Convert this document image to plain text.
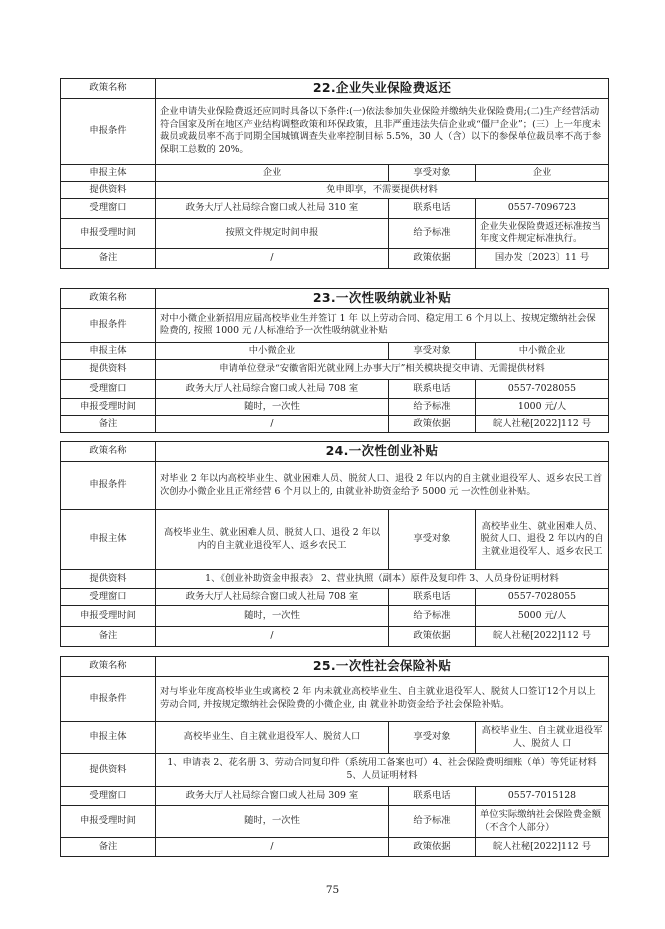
政策名称	22.企业失业保险费返还		
申报条件	企业申请失业保险费返还应同时具备以下条件:(一)依法参加失业保险并缴纳失业保险费用;(二)生产经营活动符合国家及所在地区产业结构调整政策和环保政策，且非严重违法失信企业或“僵尸企业”；(三）上一年度未裁员或裁员率不高于同期全国城镇调查失业率控制目标 5.5%，30 人（含）以下的参保单位裁员率不高于参保职工总数的 20%。		
申报主体	企业	享受对象	企业
提供资料	免申即享，不需要提供材料		
受理窗口	政务大厅人社局综合窗口或人社局 310 室	联系电话	0557-7096723
申报受理时间	按照文件规定时间申报	给予标准	企业失业保险费返还标准按当年度文件规定标准执行。
备注	/	政策依据	国办发〔2023〕11 号
政策名称	23.一次性吸纳就业补贴		
申报条件	对中小微企业新招用应届高校毕业生并签订 1 年 以上劳动合同、稳定用工 6 个月以上、按规定缴纳社会保险费的, 按照 1000 元 /人标准给予一次性吸纳就业补贴		
申报主体	中小微企业	享受对象	中小微企业
提供资料	申请单位登录“安徽省阳光就业网上办事大厅”相关模块提交申请、无需提供材料		
受理窗口	政务大厅人社局综合窗口或人社局 708 室	联系电话	0557-7028055
申报受理时间	随时，一次性	给予标准	1000 元/人
备注	/	政策依据	皖人社秘[2022]112 号
政策名称	24.一次性创业补贴		
申报条件	对毕业 2 年以内高校毕业生、就业困难人员、脱贫人口、退役 2 年以内的自主就业退役军人、返乡农民工首次创办小微企业且正常经营 6 个月以上的, 由就业补助资金给予 5000 元 一次性创业补贴。		
申报主体	高校毕业生、就业困难人员、脱贫人口、退役 2 年以内的自主就业退役军人、返乡农民工	享受对象	高校毕业生、就业困难人员、脱贫人口、退役 2 年以内的自主就业退役军人、返乡农民工
提供资料	1、《创业补助资金申报表》 2、营业执照（副本）原件及复印件 3、人员身份证明材料		
受理窗口	政务大厅人社局综合窗口或人社局 708 室	联系电话	0557-7028055
申报受理时间	随时，一次性	给予标准	5000 元/人
备注	/	政策依据	皖人社秘[2022]112 号
政策名称	25.一次性社会保险补贴		
申报条件	对与毕业年度高校毕业生或离校 2 年 内未就业高校毕业生、自主就业退役军人、脱贫人口签订12个月以上劳动合同, 并按规定缴纳社会保险费的小微企业, 由 就业补助资金给予社会保险补贴。		
申报主体	高校毕业生、自主就业退役军人、脱贫人口	享受对象	高校毕业生、自主就业退役军人、脱贫人 口
提供资料	1、申请表 2、花名册 3、劳动合同复印件（系统用工备案也可）4、社会保险费明细账（单）等凭证材料 5、人员证明材料		
受理窗口	政务大厅人社局综合窗口或人社局 309 室	联系电话	0557-7015128
申报受理时间	随时，一次性	给予标准	单位实际缴纳社会保险费金额（不含个人部分）
备注	/	政策依据	皖人社秘[2022]112 号
75
